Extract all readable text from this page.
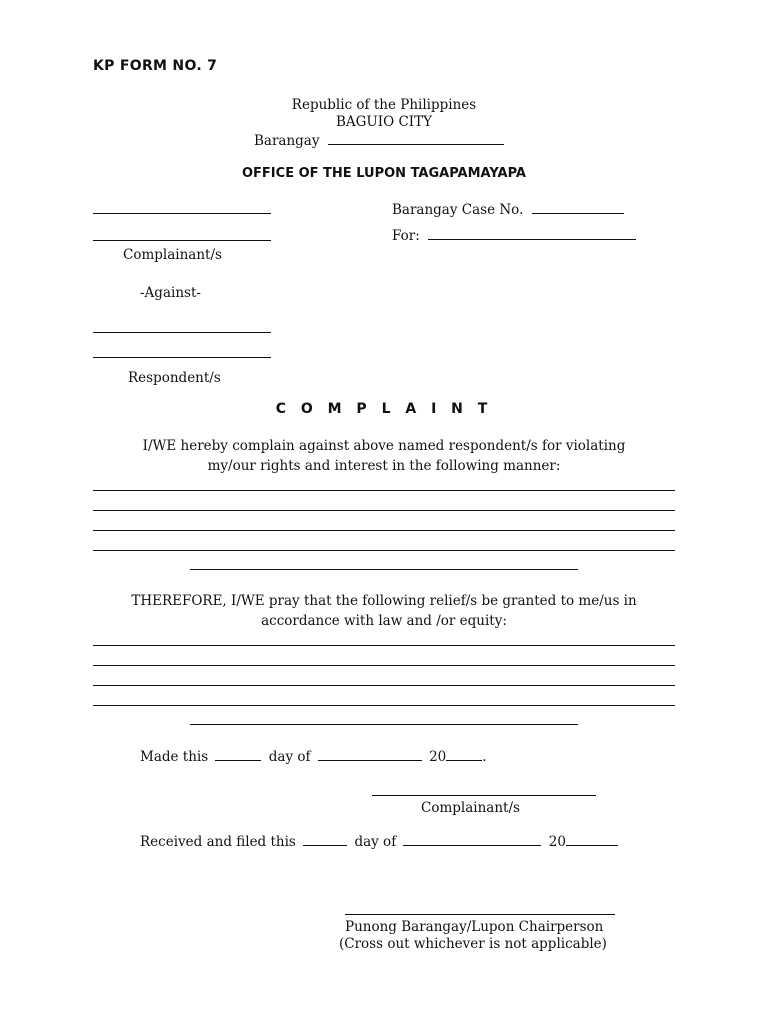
KP FORM NO. 7
Republic of the Philippines
BAGUIO CITY
Barangay
OFFICE OF THE LUPON TAGAPAMAYAPA
Complainant/s
-Against-
Respondent/s
Barangay Case No.
For:
C O M P L A I N T
I/WE hereby complain against above named respondent/s for violating
my/our rights and interest in the following manner:
THEREFORE, I/WE pray that the following relief/s be granted to me/us in
accordance with law and /or equity:
Made this	day of	20	.
Complainant/s
Received and filed this	day of	20
Punong Barangay/Lupon Chairperson
(Cross out whichever is not applicable)
